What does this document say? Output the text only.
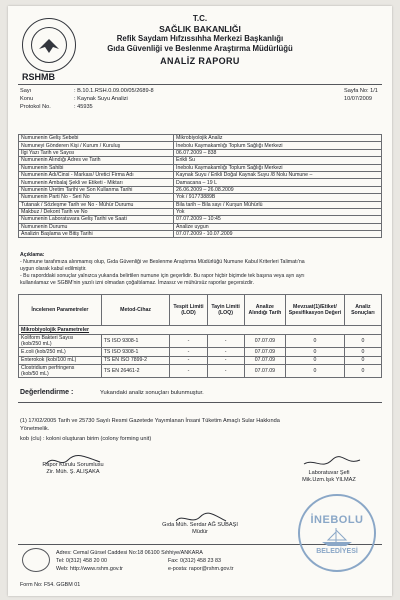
T.C.
SAĞLIK BAKANLIĞI
Refik Saydam Hıfzıssıhha Merkezi Başkanlığı
Gıda Güvenliği ve Beslenme Araştırma Müdürlüğü
ANALİZ RAPORU
RSHMB
Sayı	: B.10.1.RSH.0.09.00/05/2689-8
Konu	: Kaynak Suyu Analizi
Protokol No.	: 45935
Sayfa No: 1/1
10/07/2009
Numunenin Geliş Sebebi	Mikrobiyolojik Analiz
Numuneyi Gönderen Kişi / Kurum / Kuruluş	İnebolu Kaymakamlığı Toplum Sağlığı Merkezi
İlgi Yazı Tarih ve Sayısı	06.07.2009 – 838
Numunenin Alındığı Adres ve Tarih	Erikli Su
Numunenin Sahibi	İnebolu Kaymakamlığı Toplum Sağlığı Merkezi
Numunenin Adı/Cinsi - Markası/ Üretici Firma Adı	Kaynak Suyu / Erikli Doğal Kaynak Suyu /8 Nolu Numune –
Numunenin Ambalaj Şekli ve Etiketi - Miktarı	Damacana – 19 L
Numunenin Üretim Tarihi ve Son Kullanma Tarihi	26.06.2009 – 26.08.2009
Numunenin Parti No - Seri No	Yok / 91773889B
Tutanak / Sözleşme Tarih ve No - Mühür Durumu	Bila tarih – Bila sayı / Kurşun Mühürlü
Makbuz / Dekont Tarih ve No	Yok
Numunenin Laboratuvara Geliş Tarihi ve Saati	07.07.2009 – 10:45
Numunenin Durumu	Analize uygun
Analizin Başlama ve Bitiş Tarihi	07.07.2009 - 10.07.2009
Açıklama:
- Numune tarafımıza alınmamış olup, Gıda Güvenliği ve Beslenme Araştırma Müdürlüğü Numune Kabul Kriterleri Talimatı'na
uygun olarak kabul edilmiştir.
- Bu raporddaki sonuçlar yalnızca yukarıda belirtilen numune için geçerlidir. Bu rapor hiçbir biçimde tek başına veya ayrı ayrı
kullanılamaz ve SGBM'nin yazılı izni olmadan çoğaltılamaz. İmzasız ve mühürsüz raporlar geçersizdir.
İncelenen Parametreler	Metod-Cihaz	Tespit Limiti (LOD)	Tayin Limiti (LOQ)	Analize Alındığı Tarih	Mevzuat(1)/Etiket/ Spesifikasyon Değeri	Analiz Sonuçları
Mikrobiyolojik Parametreler						

Koliform Bakteri Sayısı
(kob/250 mL)	TS ISO 9308-1	-	-	07.07.09	0	0

E.coli (kob/250 mL)	TS ISO 9308-1	-	-	07.07.09	0	0

Enterokok (kob/100 mL)	TS EN ISO 7899-2	-	-	07.07.09	0	0

Clostridium perfringens
(kob/50 mL)	TS EN 26461-2	-	-	07.07.09	0	0
Değerlendirme :	Yukarıdaki analiz sonuçları bulunmuştur.
(1) 17/02/2005 Tarih ve 25730 Sayılı Resmi Gazetede Yayımlanan İnsani Tüketim Amaçlı Sular Hakkında
Yönetmelik.
kob (clu) : koloni oluşturan birim (colony forming unit)
Rapor Kurulu Sorumlusu
Zir. Müh. Ş. ALIŞAKA	Laboratuvar Şefi
Mik.Uzm.Işık YILMAZ
Gıda Müh. Serdar AĞ SUBAŞI
Müdür
Adres: Cemal Gürsel Caddesi No:18 06100 Sıhhiye/ANKARA
Tel: 0(312) 458 20 00	Fax: 0(312) 458 23 83
Web: http://www.rshm.gov.tr	e-posta: rapor@rshm.gov.tr
Form No: F54. GGBM 01
İNEBOLU
BELEDİYESİ
